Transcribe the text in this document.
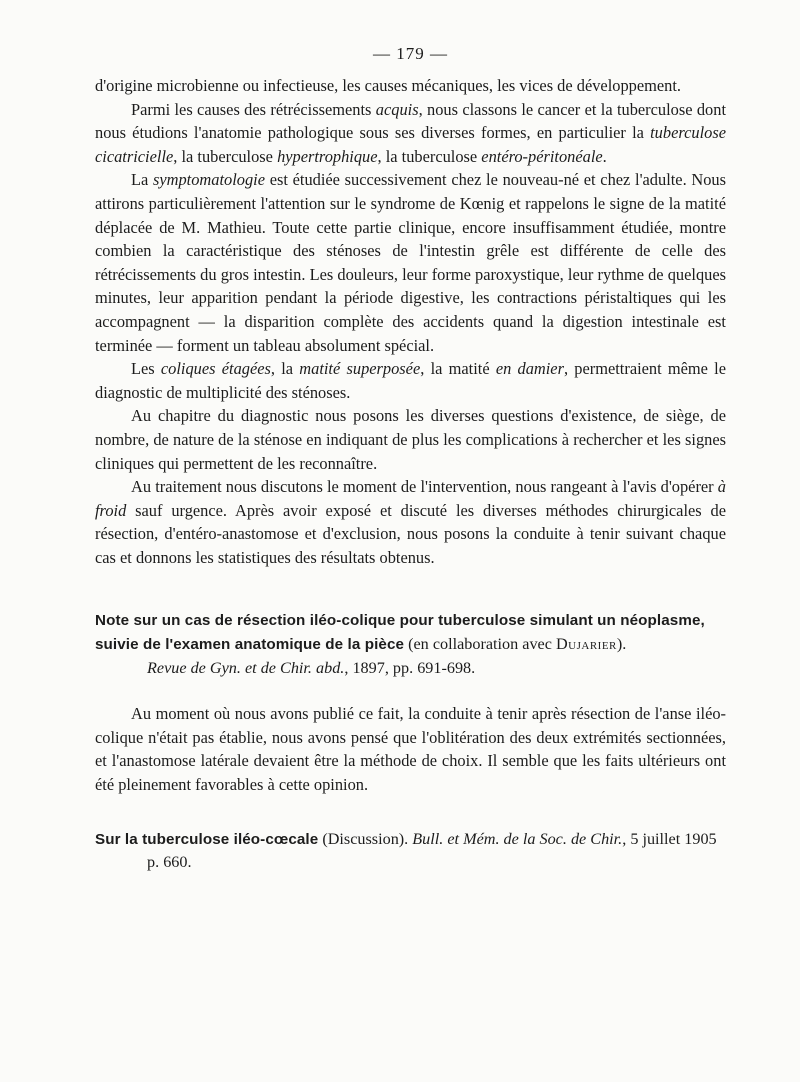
— 179 —

d'origine microbienne ou infectieuse, les causes mécaniques, les vices de développement.

Parmi les causes des rétrécissements acquis, nous classons le cancer et la tuberculose dont nous étudions l'anatomie pathologique sous ses diverses formes, en particulier la tuberculose cicatricielle, la tuberculose hypertrophique, la tuberculose entéro-péritonéale.

La symptomatologie est étudiée successivement chez le nouveau-né et chez l'adulte. Nous attirons particulièrement l'attention sur le syndrome de Kœnig et rappelons le signe de la matité déplacée de M. Mathieu. Toute cette partie clinique, encore insuffisamment étudiée, montre combien la caractéristique des sténoses de l'intestin grêle est différente de celle des rétrécissements du gros intestin. Les douleurs, leur forme paroxystique, leur rythme de quelques minutes, leur apparition pendant la période digestive, les contractions péristaltiques qui les accompagnent — la disparition complète des accidents quand la digestion intestinale est terminée — forment un tableau absolument spécial.

Les coliques étagées, la matité superposée, la matité en damier, permettraient même le diagnostic de multiplicité des sténoses.

Au chapitre du diagnostic nous posons les diverses questions d'existence, de siège, de nombre, de nature de la sténose en indiquant de plus les complications à rechercher et les signes cliniques qui permettent de les reconnaître.

Au traitement nous discutons le moment de l'intervention, nous rangeant à l'avis d'opérer à froid sauf urgence. Après avoir exposé et discuté les diverses méthodes chirurgicales de résection, d'entéro-anastomose et d'exclusion, nous posons la conduite à tenir suivant chaque cas et donnons les statistiques des résultats obtenus.

Note sur un cas de résection iléo-colique pour tuberculose simulant un néoplasme, suivie de l'examen anatomique de la pièce (en collaboration avec Dujarier).
Revue de Gyn. et de Chir. abd., 1897, pp. 691-698.

Au moment où nous avons publié ce fait, la conduite à tenir après résection de l'anse iléo-colique n'était pas établie, nous avons pensé que l'oblitération des deux extrémités sectionnées, et l'anastomose latérale devaient être la méthode de choix. Il semble que les faits ultérieurs ont été pleinement favorables à cette opinion.

Sur la tuberculose iléo-cœcale (Discussion). Bull. et Mém. de la Soc. de Chir., 5 juillet 1905
p. 660.
